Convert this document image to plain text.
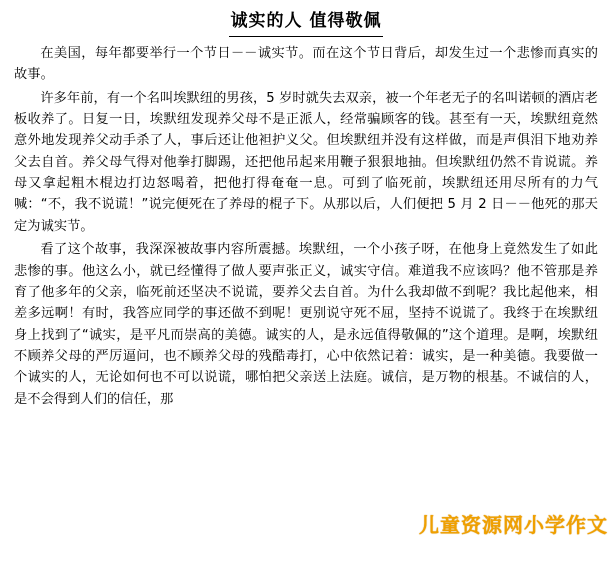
诚实的人 值得敬佩

在美国，每年都要举行一个节日－－诚实节。而在这个节日背后，却发生过一个悲惨而真实的故事。

许多年前，有一个名叫埃默纽的男孩，5 岁时就失去双亲，被一个年老无子的名叫诺顿的酒店老板收养了。日复一日，埃默纽发现养父母不是正派人，经常骗顾客的钱。甚至有一天，埃默纽竟然意外地发现养父动手杀了人，事后还让他袒护义父。但埃默纽并没有这样做，而是声俱泪下地劝养父去自首。养父母气得对他拳打脚踢，还把他吊起来用鞭子狠狠地抽。但埃默纽仍然不肯说谎。养母又拿起粗木棍边打边怒喝着，把他打得奄奄一息。可到了临死前，埃默纽还用尽所有的力气喊：“不，我不说谎！”说完便死在了养母的棍子下。从那以后，人们便把 5 月 2 日－－他死的那天定为诚实节。

看了这个故事，我深深被故事内容所震撼。埃默纽，一个小孩子呀，在他身上竟然发生了如此悲惨的事。他这么小，就已经懂得了做人要声张正义，诚实守信。难道我不应该吗？他不管那是养育了他多年的父亲，临死前还坚决不说谎，要养父去自首。为什么我却做不到呢？我比起他来，相差多远啊！有时，我答应同学的事还做不到呢！更别说守死不屈，坚持不说谎了。我终于在埃默纽身上找到了“诚实，是平凡而崇高的美德。诚实的人，是永远值得敬佩的”这个道理。是啊，埃默纽不顾养父母的严厉逼问，也不顾养父母的残酷毒打，心中依然记着：诚实，是一种美德。我要做一个诚实的人，无论如何也不可以说谎，哪怕把父亲送上法庭。诚信，是万物的根基。不诚信的人，是不会得到人们的信任，那

儿童资源网小学作文
